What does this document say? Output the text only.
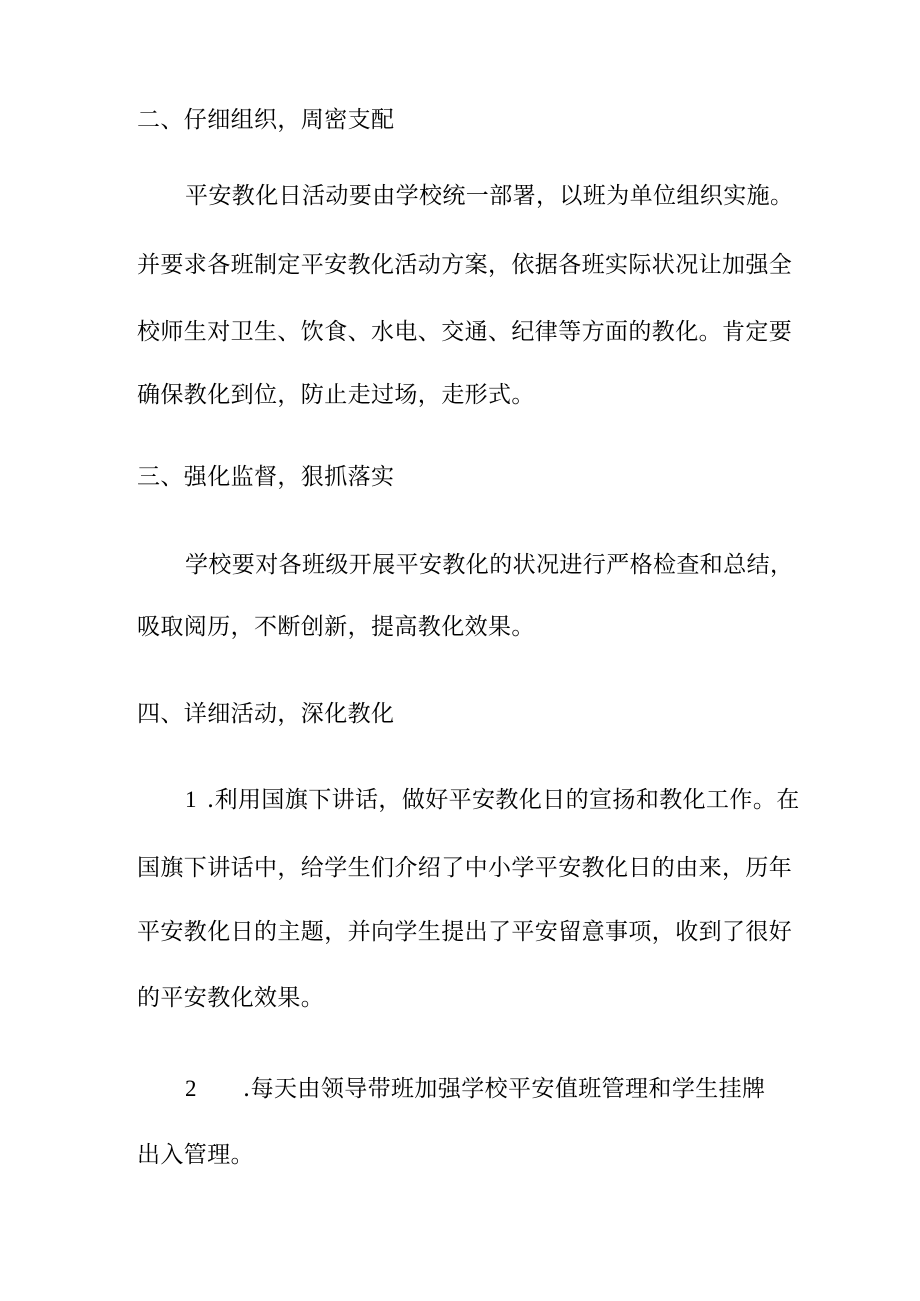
二、仔细组织，周密支配
平安教化日活动要由学校统一部署，以班为单位组织实施。
并要求各班制定平安教化活动方案，依据各班实际状况让加强全
校师生对卫生、饮食、水电、交通、纪律等方面的教化。肯定要
确保教化到位，防止走过场，走形式。
三、强化监督，狠抓落实
学校要对各班级开展平安教化的状况进行严格检查和总结，
吸取阅历，不断创新，提高教化效果。
四、详细活动，深化教化
1 .利用国旗下讲话，做好平安教化日的宣扬和教化工作。在
国旗下讲话中，给学生们介绍了中小学平安教化日的由来，历年
平安教化日的主题，并向学生提出了平安留意事项，收到了很好
的平安教化效果。
2 .每天由领导带班加强学校平安值班管理和学生挂牌
出入管理。
